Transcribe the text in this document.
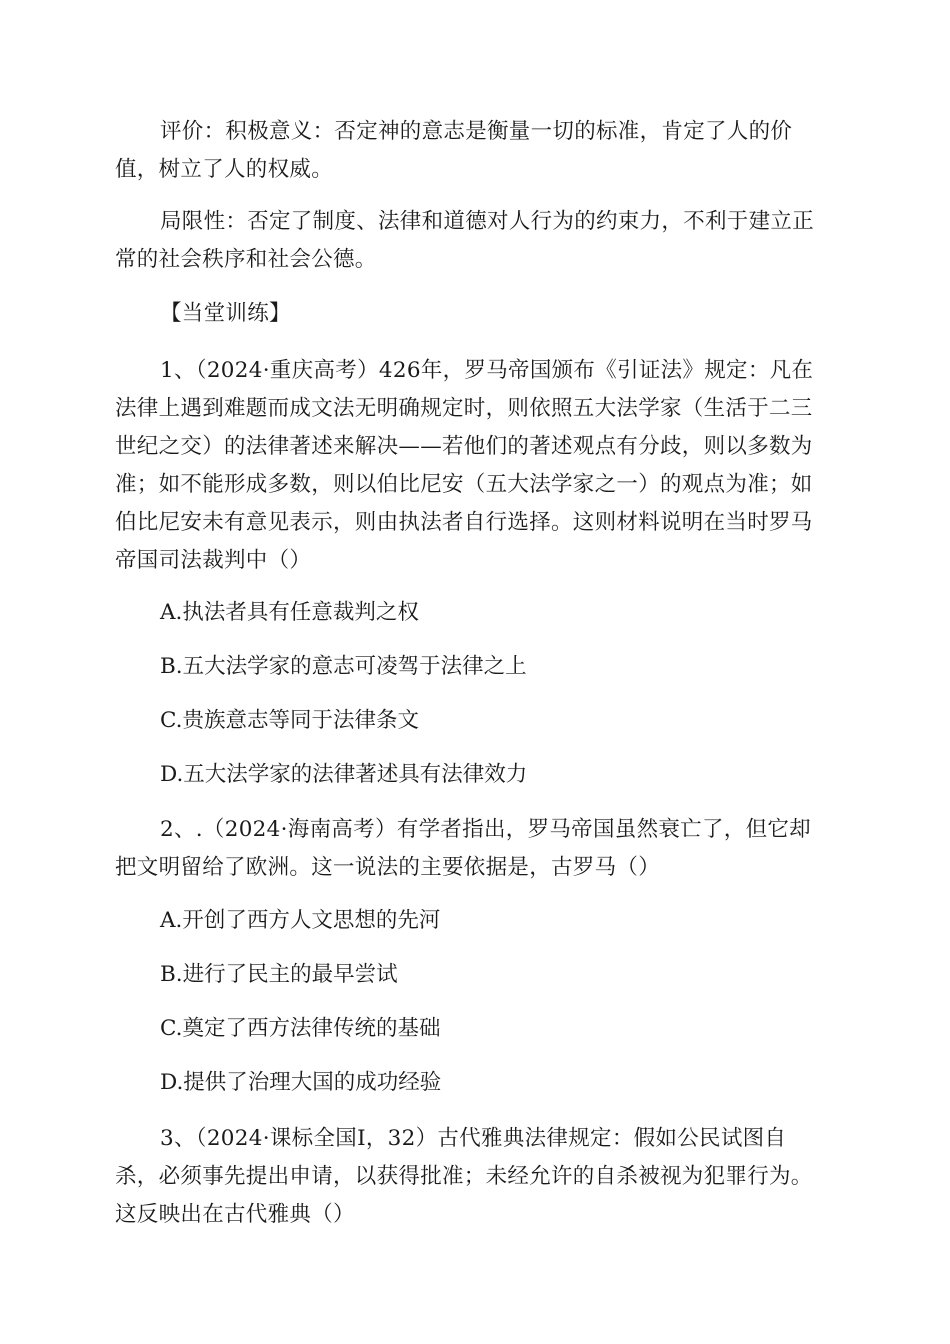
评价：积极意义：否定神的意志是衡量一切的标准，肯定了人的价值，树立了人的权威。

局限性：否定了制度、法律和道德对人行为的约束力，不利于建立正常的社会秩序和社会公德。

【当堂训练】

1、（2024·重庆高考）426年，罗马帝国颁布《引证法》规定：凡在法律上遇到难题而成文法无明确规定时，则依照五大法学家（生活于二三世纪之交）的法律著述来解决——若他们的著述观点有分歧，则以多数为准；如不能形成多数，则以伯比尼安（五大法学家之一）的观点为准；如伯比尼安未有意见表示，则由执法者自行选择。这则材料说明在当时罗马帝国司法裁判中（）

A.执法者具有任意裁判之权

B.五大法学家的意志可凌驾于法律之上

C.贵族意志等同于法律条文

D.五大法学家的法律著述具有法律效力

2、.（2024·海南高考）有学者指出，罗马帝国虽然衰亡了，但它却把文明留给了欧洲。这一说法的主要依据是，古罗马（）

A.开创了西方人文思想的先河

B.进行了民主的最早尝试

C.奠定了西方法律传统的基础

D.提供了治理大国的成功经验

3、（2024·课标全国Ⅰ，32）古代雅典法律规定：假如公民试图自杀，必须事先提出申请，以获得批准；未经允许的自杀被视为犯罪行为。这反映出在古代雅典（）
